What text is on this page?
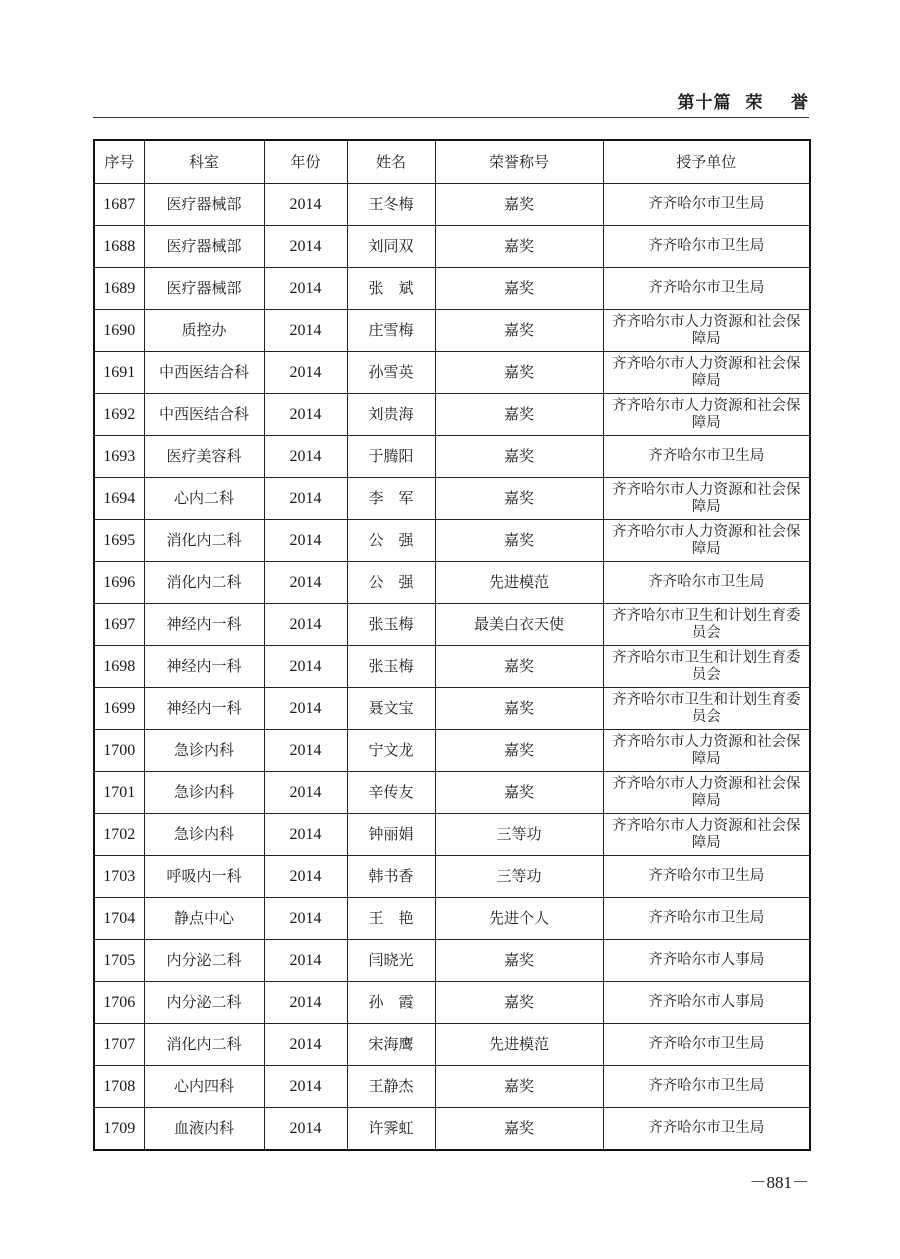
第十篇  荣    誉
序号	科室	年份	姓名	荣誉称号	授予单位
1687	医疗器械部	2014	王冬梅	嘉奖	齐齐哈尔市卫生局
1688	医疗器械部	2014	刘同双	嘉奖	齐齐哈尔市卫生局
1689	医疗器械部	2014	张　斌	嘉奖	齐齐哈尔市卫生局
1690	质控办	2014	庄雪梅	嘉奖	齐齐哈尔市人力资源和社会保障局
1691	中西医结合科	2014	孙雪英	嘉奖	齐齐哈尔市人力资源和社会保障局
1692	中西医结合科	2014	刘贵海	嘉奖	齐齐哈尔市人力资源和社会保障局
1693	医疗美容科	2014	于腾阳	嘉奖	齐齐哈尔市卫生局
1694	心内二科	2014	李　军	嘉奖	齐齐哈尔市人力资源和社会保障局
1695	消化内二科	2014	公　强	嘉奖	齐齐哈尔市人力资源和社会保障局
1696	消化内二科	2014	公　强	先进模范	齐齐哈尔市卫生局
1697	神经内一科	2014	张玉梅	最美白衣天使	齐齐哈尔市卫生和计划生育委员会
1698	神经内一科	2014	张玉梅	嘉奖	齐齐哈尔市卫生和计划生育委员会
1699	神经内一科	2014	聂文宝	嘉奖	齐齐哈尔市卫生和计划生育委员会
1700	急诊内科	2014	宁文龙	嘉奖	齐齐哈尔市人力资源和社会保障局
1701	急诊内科	2014	辛传友	嘉奖	齐齐哈尔市人力资源和社会保障局
1702	急诊内科	2014	钟丽娟	三等功	齐齐哈尔市人力资源和社会保障局
1703	呼吸内一科	2014	韩书香	三等功	齐齐哈尔市卫生局
1704	静点中心	2014	王　艳	先进个人	齐齐哈尔市卫生局
1705	内分泌二科	2014	闫晓光	嘉奖	齐齐哈尔市人事局
1706	内分泌二科	2014	孙　霞	嘉奖	齐齐哈尔市人事局
1707	消化内二科	2014	宋海鹰	先进模范	齐齐哈尔市卫生局
1708	心内四科	2014	王静杰	嘉奖	齐齐哈尔市卫生局
1709	血液内科	2014	许霁虹	嘉奖	齐齐哈尔市卫生局
－881－
